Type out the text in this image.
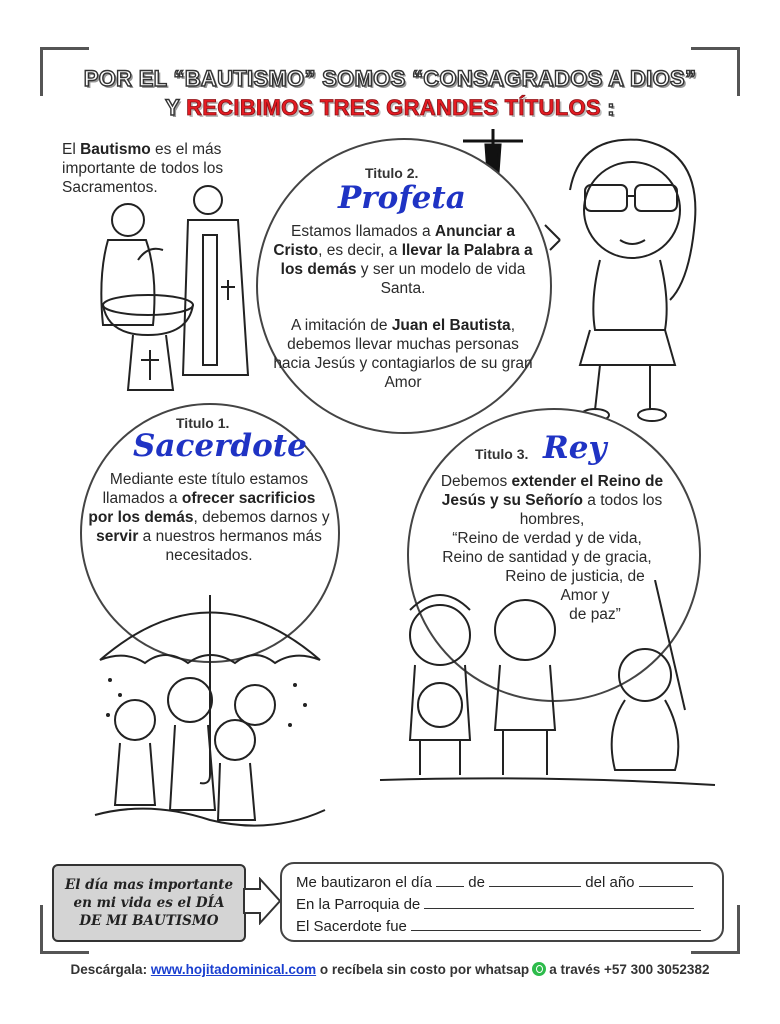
POR EL “BAUTISMO” SOMOS “CONSAGRADOS A DIOS”
Y RECIBIMOS TRES GRANDES TÍTULOS :
El Bautismo es el más importante de todos los Sacramentos.
Titulo 2.
Profeta
Estamos llamados a Anunciar a Cristo, es decir, a llevar la Palabra a los demás y ser un modelo de vida Santa.
A imitación de Juan el Bautista, debemos llevar muchas personas hacia Jesús y contagiarlos de su gran Amor
Titulo 1.
Sacerdote
Mediante este título estamos llamados a ofrecer sacrificios por los demás, debemos darnos y servir a nuestros hermanos más necesitados.
Titulo 3. Rey
Debemos extender el Reino de Jesús y su Señorío a todos los hombres,
“Reino de verdad y de vida,
Reino de santidad y de gracia,
Reino de justicia, de
Amor y
de paz”
El día mas importante
en mi vida es el DÍA
DE MI BAUTISMO
Me bautizaron el día de	del año
En la Parroquia de
El Sacerdote fue
Descárgala: www.hojitadominical.com o recíbela sin costo por whatsap a través +57 300 3052382
